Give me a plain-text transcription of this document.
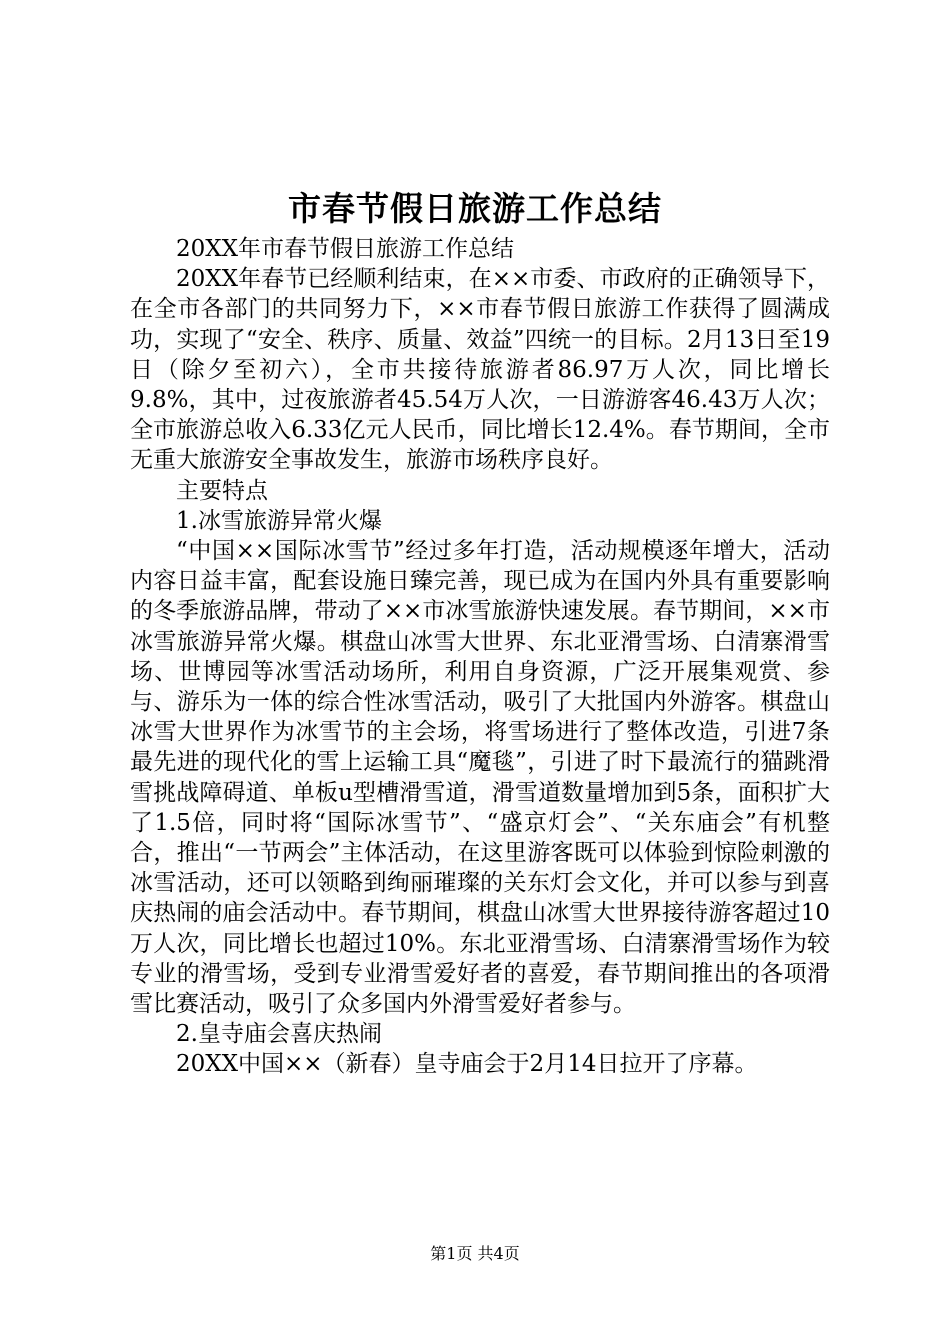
市春节假日旅游工作总结

20XX年市春节假日旅游工作总结

20XX年春节已经顺利结束，在××市委、市政府的正确领导下，在全市各部门的共同努力下，××市春节假日旅游工作获得了圆满成功，实现了“安全、秩序、质量、效益”四统一的目标。2月13日至19日（除夕至初六），全市共接待旅游者86.97万人次，同比增长9.8%，其中，过夜旅游者45.54万人次，一日游游客46.43万人次；全市旅游总收入6.33亿元人民币，同比增长12.4%。春节期间，全市无重大旅游安全事故发生，旅游市场秩序良好。

主要特点

1.冰雪旅游异常火爆

“中国××国际冰雪节”经过多年打造，活动规模逐年增大，活动内容日益丰富，配套设施日臻完善，现已成为在国内外具有重要影响的冬季旅游品牌，带动了××市冰雪旅游快速发展。春节期间，××市冰雪旅游异常火爆。棋盘山冰雪大世界、东北亚滑雪场、白清寨滑雪场、世博园等冰雪活动场所，利用自身资源，广泛开展集观赏、参与、游乐为一体的综合性冰雪活动，吸引了大批国内外游客。棋盘山冰雪大世界作为冰雪节的主会场，将雪场进行了整体改造，引进7条最先进的现代化的雪上运输工具“魔毯”，引进了时下最流行的猫跳滑雪挑战障碍道、单板u型槽滑雪道，滑雪道数量增加到5条，面积扩大了1.5倍，同时将“国际冰雪节”、“盛京灯会”、“关东庙会”有机整合，推出“一节两会”主体活动，在这里游客既可以体验到惊险刺激的冰雪活动，还可以领略到绚丽璀璨的关东灯会文化，并可以参与到喜庆热闹的庙会活动中。春节期间，棋盘山冰雪大世界接待游客超过10万人次，同比增长也超过10%。东北亚滑雪场、白清寨滑雪场作为较专业的滑雪场，受到专业滑雪爱好者的喜爱，春节期间推出的各项滑雪比赛活动，吸引了众多国内外滑雪爱好者参与。

2.皇寺庙会喜庆热闹

20XX中国××（新春）皇寺庙会于2月14日拉开了序幕。

第1页 共4页
